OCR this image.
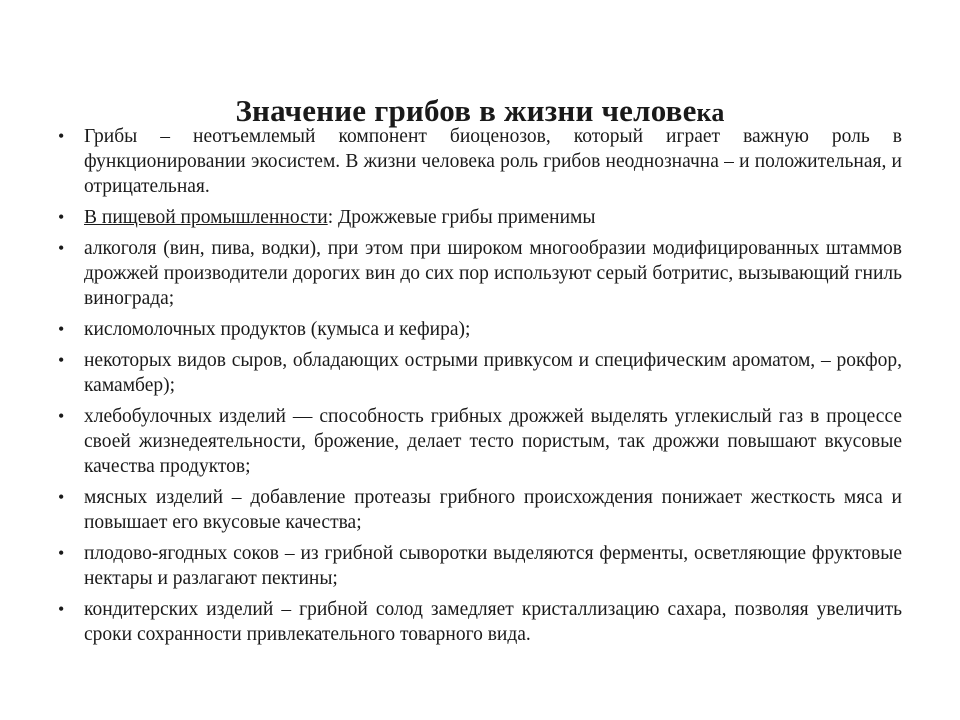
Значение грибов в жизни человека
• Грибы – неотъемлемый компонент биоценозов, который играет важную роль в функционировании экосистем. В жизни человека роль грибов неоднозначна – и положительная, и отрицательная.
• В пищевой промышленности: Дрожжевые грибы применимы
• алкоголя (вин, пива, водки), при этом при широком многообразии модифицированных штаммов дрожжей производители дорогих вин до сих пор используют серый ботритис, вызывающий гниль винограда;
• кисломолочных продуктов (кумыса и кефира);
• некоторых видов сыров, обладающих острыми привкусом и специфическим ароматом, – рокфор, камамбер);
• хлебобулочных изделий — способность грибных дрожжей выделять углекислый газ в процессе своей жизнедеятельности, брожение, делает тесто пористым, так дрожжи повышают вкусовые качества продуктов;
• мясных изделий – добавление протеазы грибного происхождения понижает жесткость мяса и повышает его вкусовые качества;
• плодово-ягодных соков – из грибной сыворотки выделяются ферменты, осветляющие фруктовые нектары и разлагают пектины;
• кондитерских изделий – грибной солод замедляет кристаллизацию сахара, позволяя увеличить сроки сохранности привлекательного товарного вида.
